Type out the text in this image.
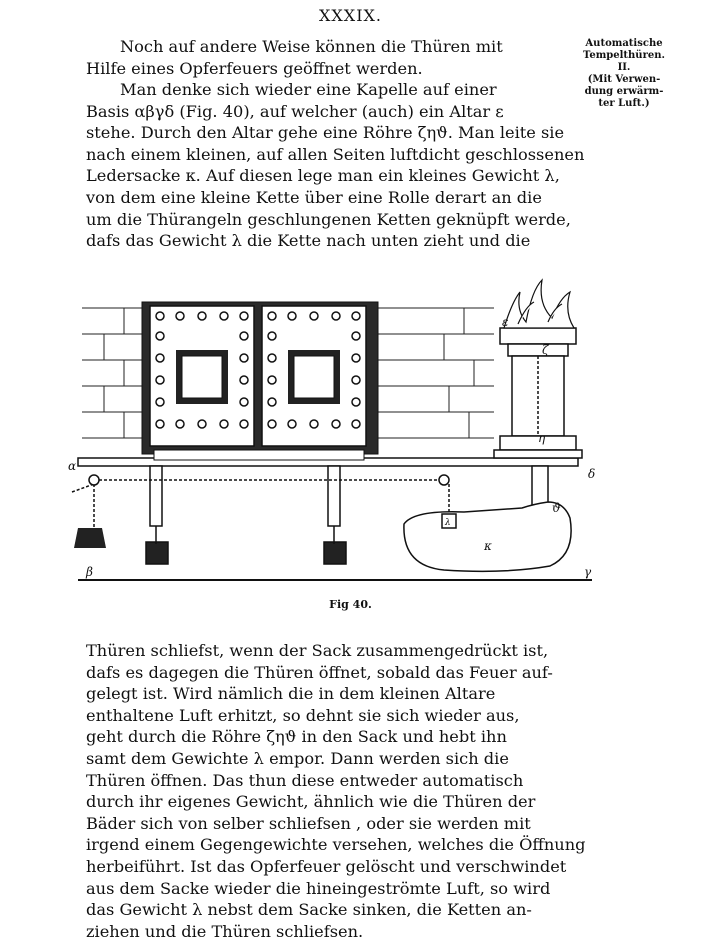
XXXIX.
Automatische
Tempelthüren.
II.
(Mit Verwen-
dung erwärm-
ter Luft.)
Noch auf andere Weise können die Thüren mit
Hilfe eines Opferfeuers geöffnet werden.
Man denke sich wieder eine Kapelle auf einer
Basis αβγδ (Fig. 40), auf welcher (auch) ein Altar ε
stehe. Durch den Altar gehe eine Röhre ζηϑ. Man leite sie
nach einem kleinen, auf allen Seiten luftdicht geschlossenen
Ledersacke κ. Auf diesen lege man ein kleines Gewicht λ,
von dem eine kleine Kette über eine Rolle derart an die
um die Thürangeln geschlungenen Ketten geknüpft werde,
dafs das Gewicht λ die Kette nach unten zieht und die
α
β	γ
δ
ε
ζ
η
ϑ
κ
λ
Fig 40.
Thüren schliefst, wenn der Sack zusammengedrückt ist,
dafs es dagegen die Thüren öffnet, sobald das Feuer auf-
gelegt ist. Wird nämlich die in dem kleinen Altare
enthaltene Luft erhitzt, so dehnt sie sich wieder aus,
geht durch die Röhre ζηϑ in den Sack und hebt ihn
samt dem Gewichte λ empor. Dann werden sich die
Thüren öffnen. Das thun diese entweder automatisch
durch ihr eigenes Gewicht, ähnlich wie die Thüren der
Bäder sich von selber schliefsen , oder sie werden mit
irgend einem Gegengewichte versehen, welches die Öffnung
herbeiführt. Ist das Opferfeuer gelöscht und verschwindet
aus dem Sacke wieder die hineingeströmte Luft, so wird
das Gewicht λ nebst dem Sacke sinken, die Ketten an-
ziehen und die Thüren schliefsen.
